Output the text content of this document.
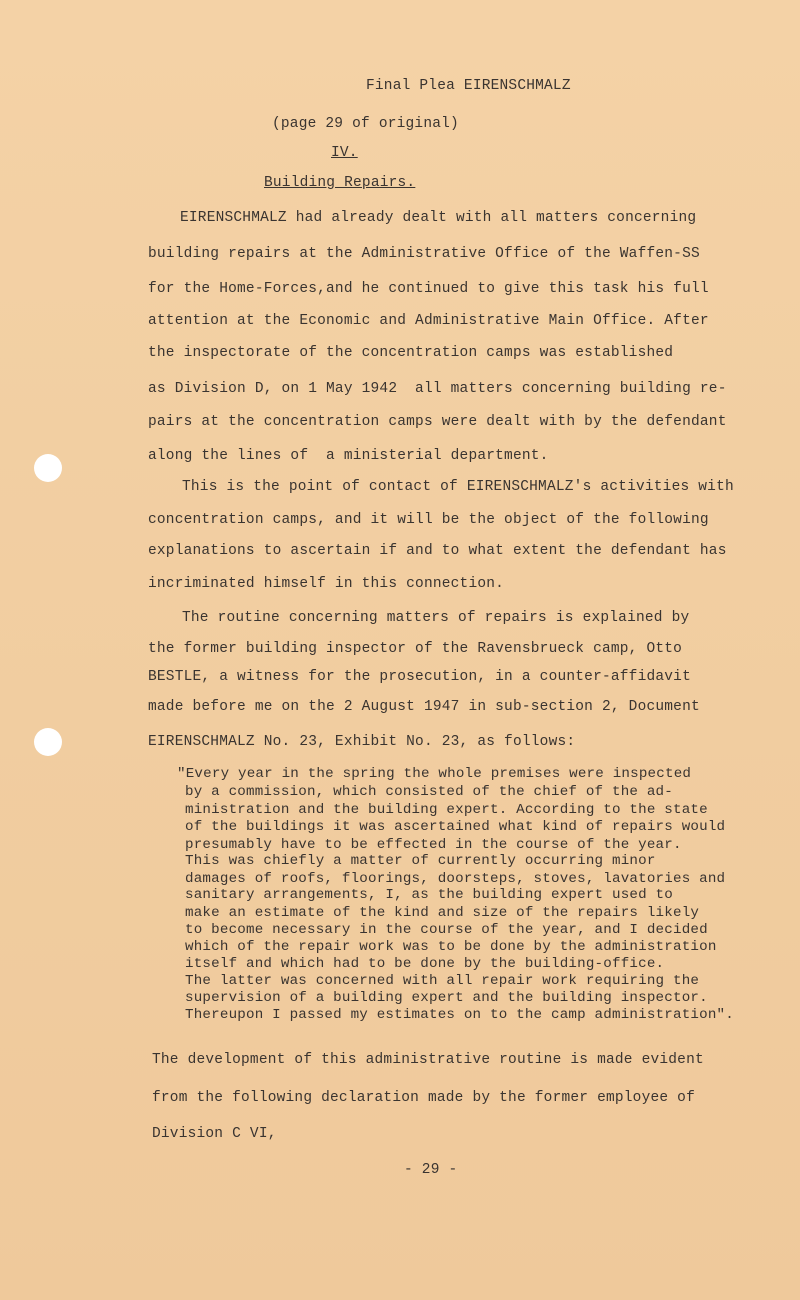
Final Plea EIRENSCHMALZ
(page 29 of original)
IV.
Building Repairs.
EIRENSCHMALZ had already dealt with all matters concerning
building repairs at the Administrative Office of the Waffen-SS
for the Home-Forces,and he continued to give this task his full
attention at the Economic and Administrative Main Office. After
the inspectorate of the concentration camps was established
as Division D, on 1 May 1942  all matters concerning building re-
pairs at the concentration camps were dealt with by the defendant
along the lines of  a ministerial department.
This is the point of contact of EIRENSCHMALZ's activities with
concentration camps, and it will be the object of the following
explanations to ascertain if and to what extent the defendant has
incriminated himself in this connection.
The routine concerning matters of repairs is explained by
the former building inspector of the Ravensbrueck camp, Otto
BESTLE, a witness for the prosecution, in a counter-affidavit
made before me on the 2 August 1947 in sub-section 2, Document
EIRENSCHMALZ No. 23, Exhibit No. 23, as follows:
"Every year in the spring the whole premises were inspected
by a commission, which consisted of the chief of the ad-
ministration and the building expert. According to the state
of the buildings it was ascertained what kind of repairs would
presumably have to be effected in the course of the year.
This was chiefly a matter of currently occurring minor
damages of roofs, floorings, doorsteps, stoves, lavatories and
sanitary arrangements, I, as the building expert used to
make an estimate of the kind and size of the repairs likely
to become necessary in the course of the year, and I decided
which of the repair work was to be done by the administration
itself and which had to be done by the building-office.
The latter was concerned with all repair work requiring the
supervision of a building expert and the building inspector.
Thereupon I passed my estimates on to the camp administration".
The development of this administrative routine is made evident
from the following declaration made by the former employee of
Division C VI,
- 29 -
